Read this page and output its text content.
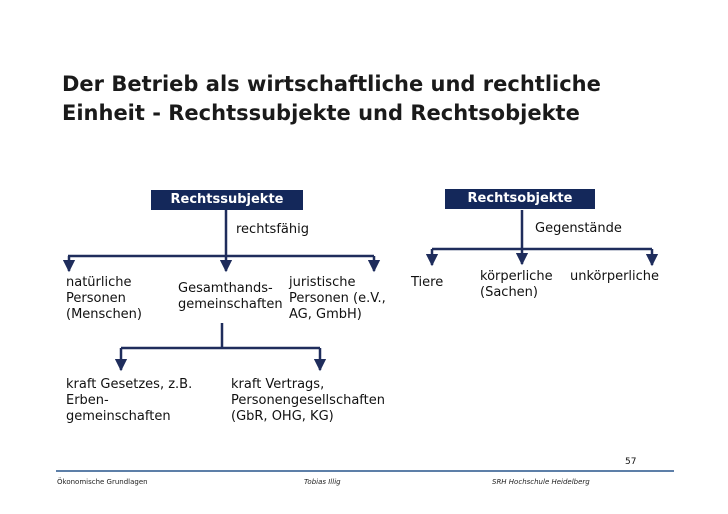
Der Betrieb als wirtschaftliche und rechtliche
Einheit - Rechtssubjekte und Rechtsobjekte
Rechtssubjekte
rechtsfähig
natürliche
Personen
(Menschen)
Gesamthands-
gemeinschaften
juristische
Personen (e.V.,
AG, GmbH)
kraft Gesetzes, z.B.
Erben-
gemeinschaften
kraft Vertrags,
Personengesellschaften
(GbR, OHG, KG)
Rechtsobjekte
Gegenstände
Tiere	körperliche
(Sachen)
unkörperliche
57
Ökonomische Grundlagen	Tobias Illig	SRH Hochschule Heidelberg
